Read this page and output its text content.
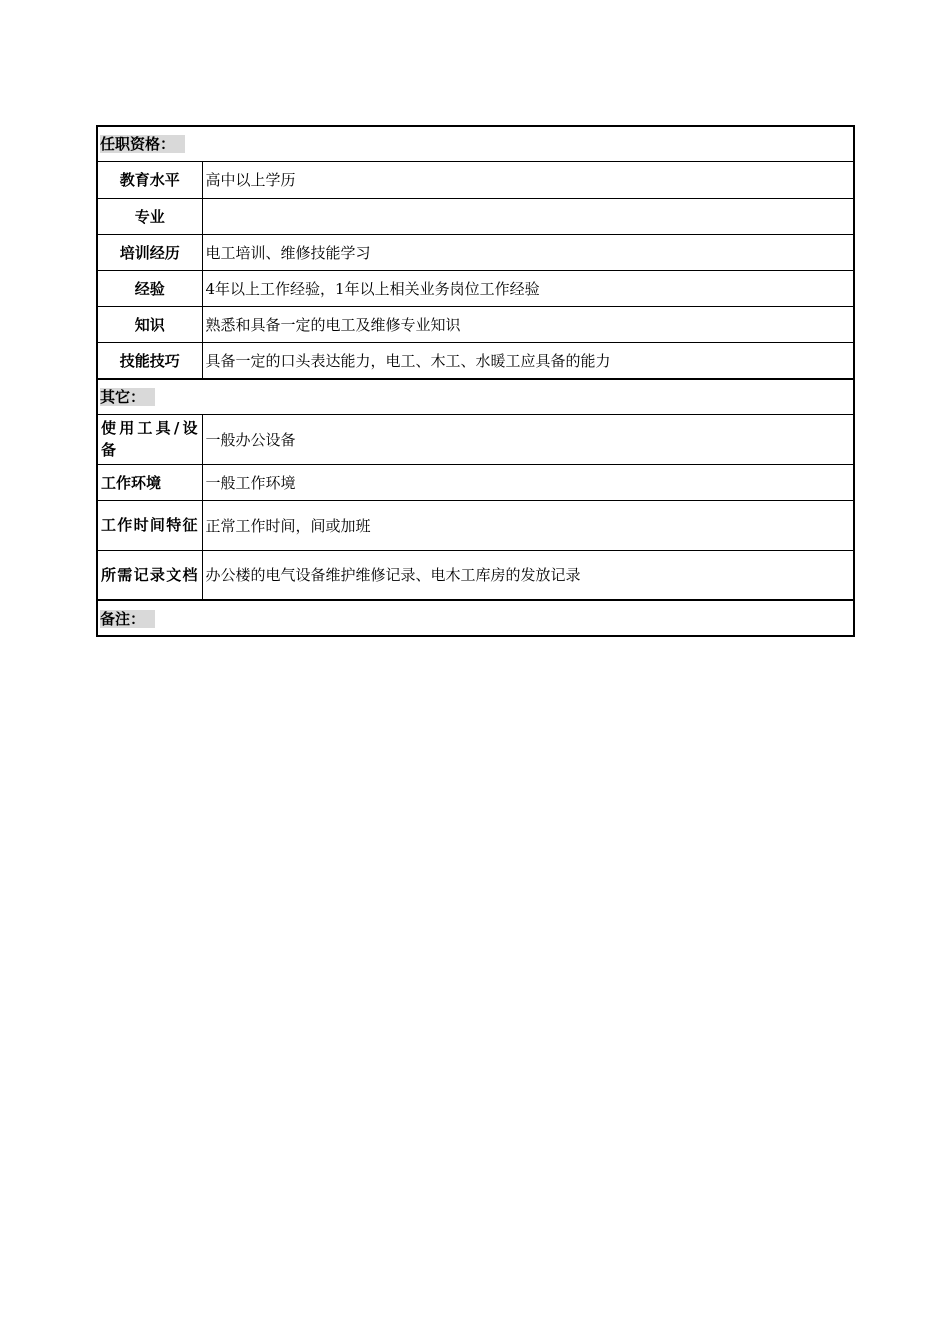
任职资格：	
教育水平	高中以上学历
专业	
培训经历	电工培训、维修技能学习
经验	4年以上工作经验，1年以上相关业务岗位工作经验
知识	熟悉和具备一定的电工及维修专业知识
技能技巧	具备一定的口头表达能力，电工、木工、水暖工应具备的能力
其它：	
使用工具/设备	一般办公设备
工作环境	一般工作环境
工作时间特征	正常工作时间，间或加班
所需记录文档	办公楼的电气设备维护维修记录、电木工库房的发放记录
备注：	
